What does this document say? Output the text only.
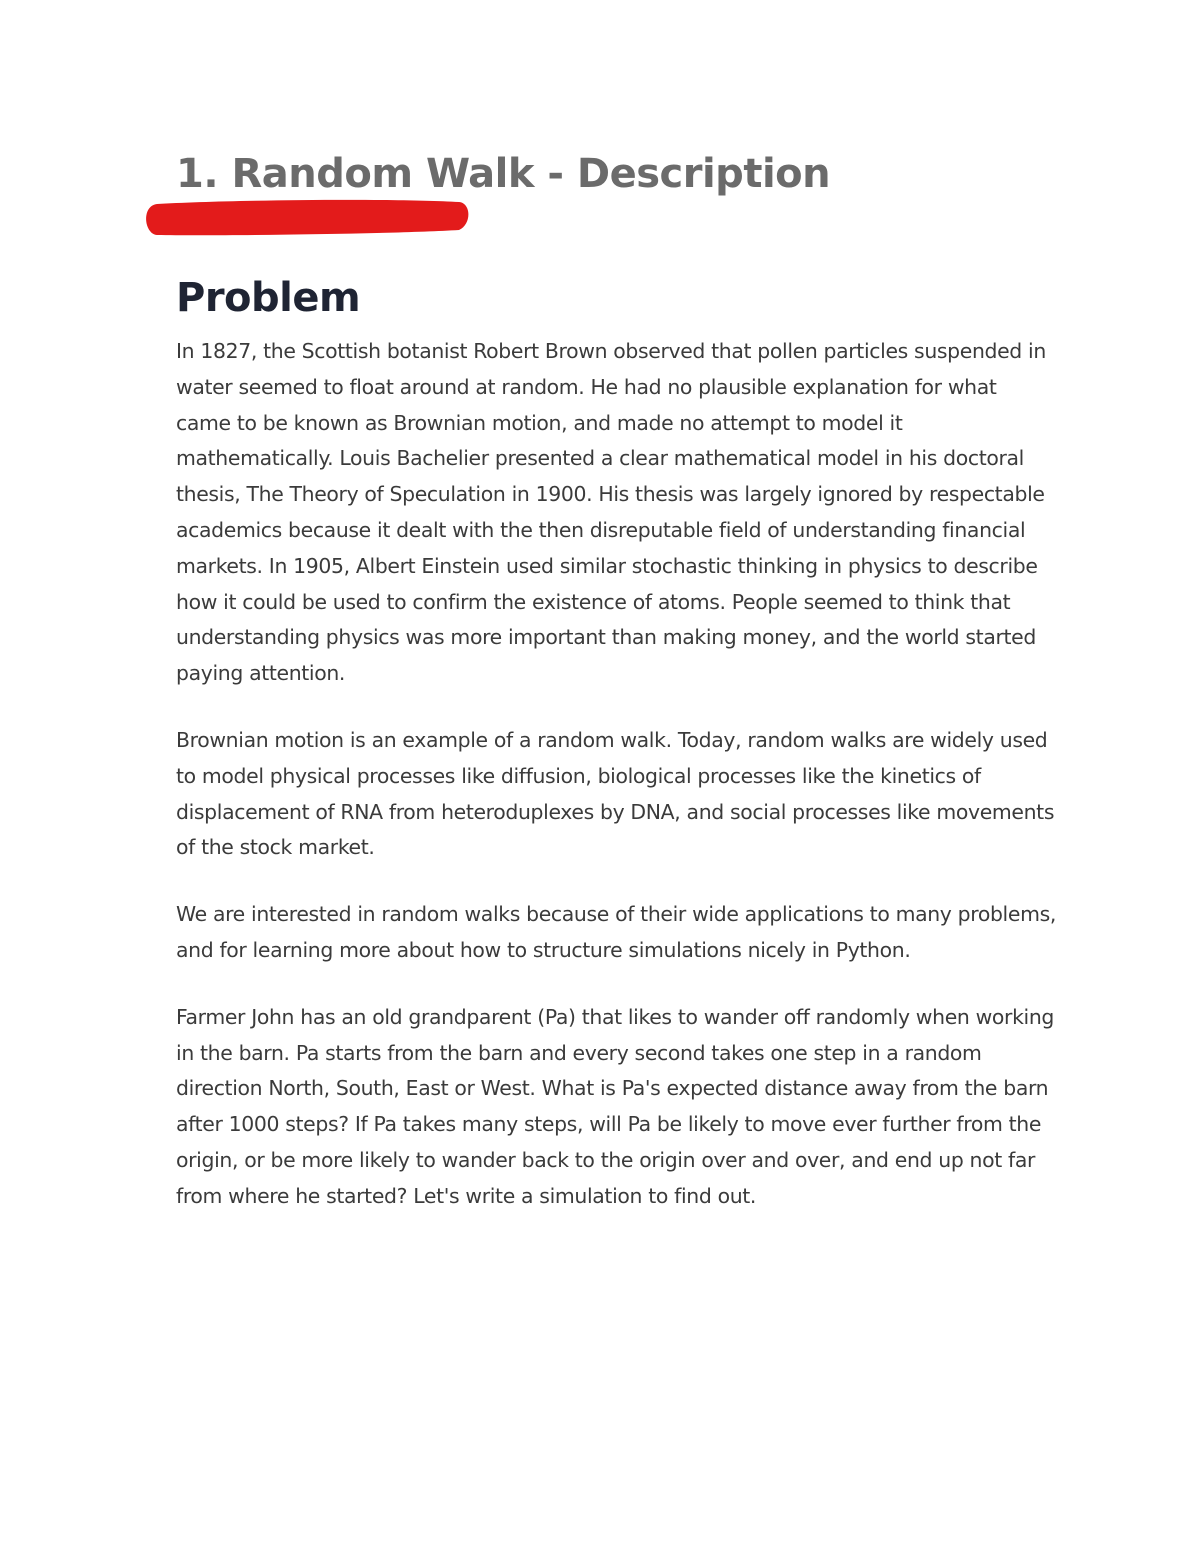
1. Random Walk - Description
Problem

In 1827, the Scottish botanist Robert Brown observed that pollen particles suspended in water seemed to float around at random. He had no plausible explanation for what came to be known as Brownian motion, and made no attempt to model it mathematically. Louis Bachelier presented a clear mathematical model in his doctoral thesis, The Theory of Speculation in 1900. His thesis was largely ignored by respectable academics because it dealt with the then disreputable field of understanding financial markets. In 1905, Albert Einstein used similar stochastic thinking in physics to describe how it could be used to confirm the existence of atoms. People seemed to think that understanding physics was more important than making money, and the world started paying attention.

Brownian motion is an example of a random walk. Today, random walks are widely used to model physical processes like diffusion, biological processes like the kinetics of displacement of RNA from heteroduplexes by DNA, and social processes like movements of the stock market.

We are interested in random walks because of their wide applications to many problems, and for learning more about how to structure simulations nicely in Python.

Farmer John has an old grandparent (Pa) that likes to wander off randomly when working in the barn. Pa starts from the barn and every second takes one step in a random direction North, South, East or West. What is Pa's expected distance away from the barn after 1000 steps? If Pa takes many steps, will Pa be likely to move ever further from the origin, or be more likely to wander back to the origin over and over, and end up not far from where he started? Let's write a simulation to find out.
